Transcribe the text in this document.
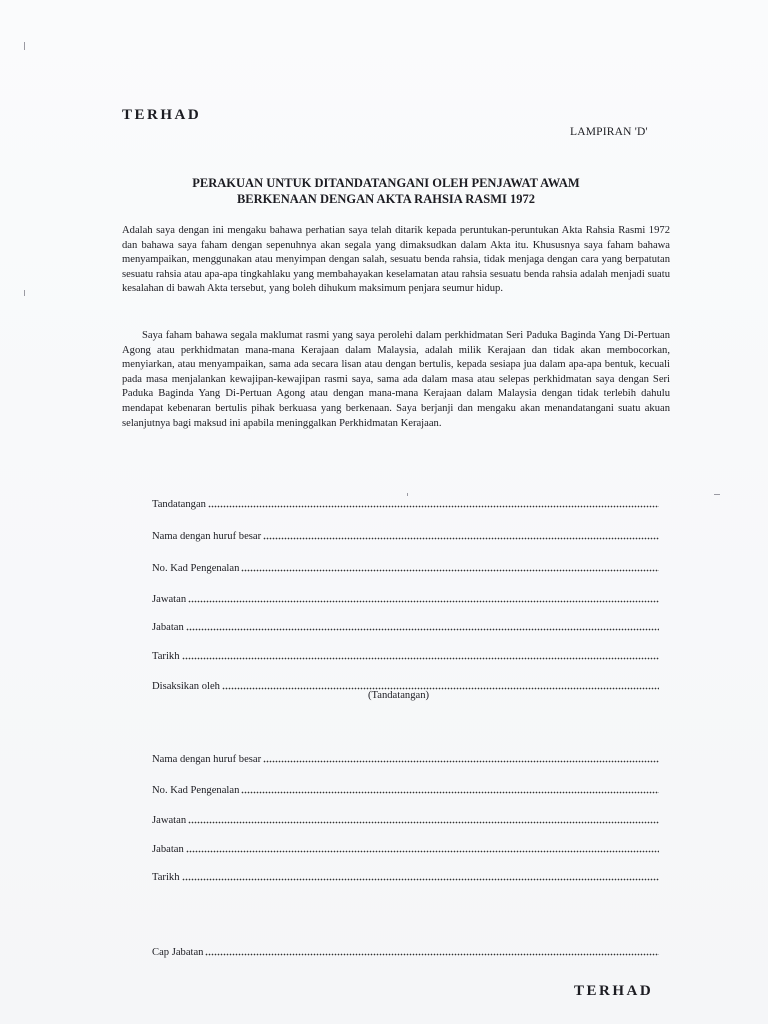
TERHAD
LAMPIRAN 'D'
PERAKUAN UNTUK DITANDATANGANI OLEH PENJAWAT AWAM
BERKENAAN DENGAN AKTA RAHSIA RASMI 1972

Adalah saya dengan ini mengaku bahawa perhatian saya telah ditarik kepada peruntukan-peruntukan Akta Rahsia Rasmi 1972 dan bahawa saya faham dengan sepenuhnya akan segala yang dimaksudkan dalam Akta itu. Khususnya saya faham bahawa menyampaikan, menggunakan atau menyimpan dengan salah, sesuatu benda rahsia, tidak menjaga dengan cara yang berpatutan sesuatu rahsia atau apa-apa tingkahlaku yang membahayakan keselamatan atau rahsia sesuatu benda rahsia adalah menjadi suatu kesalahan di bawah Akta tersebut, yang boleh dihukum maksimum penjara seumur hidup.

Saya faham bahawa segala maklumat rasmi yang saya perolehi dalam perkhidmatan Seri Paduka Baginda Yang Di-Pertuan Agong atau perkhidmatan mana-mana Kerajaan dalam Malaysia, adalah milik Kerajaan dan tidak akan membocorkan, menyiarkan, atau menyampaikan, sama ada secara lisan atau dengan bertulis, kepada sesiapa jua dalam apa-apa bentuk, kecuali pada masa menjalankan kewajipan-kewajipan rasmi saya, sama ada dalam masa atau selepas perkhidmatan saya dengan Seri Paduka Baginda Yang Di-Pertuan Agong atau dengan mana-mana Kerajaan dalam Malaysia dengan tidak terlebih dahulu mendapat kebenaran bertulis pihak berkuasa yang berkenaan. Saya berjanji dan mengaku akan menandatangani suatu akuan selanjutnya bagi maksud ini apabila meninggalkan Perkhidmatan Kerajaan.

Tandatangan
Nama dengan huruf besar
No. Kad Pengenalan
Jawatan
Jabatan
Tarikh
Disaksikan oleh
(Tandatangan)
Nama dengan huruf besar
No. Kad Pengenalan
Jawatan
Jabatan
Tarikh
Cap Jabatan
TERHAD
